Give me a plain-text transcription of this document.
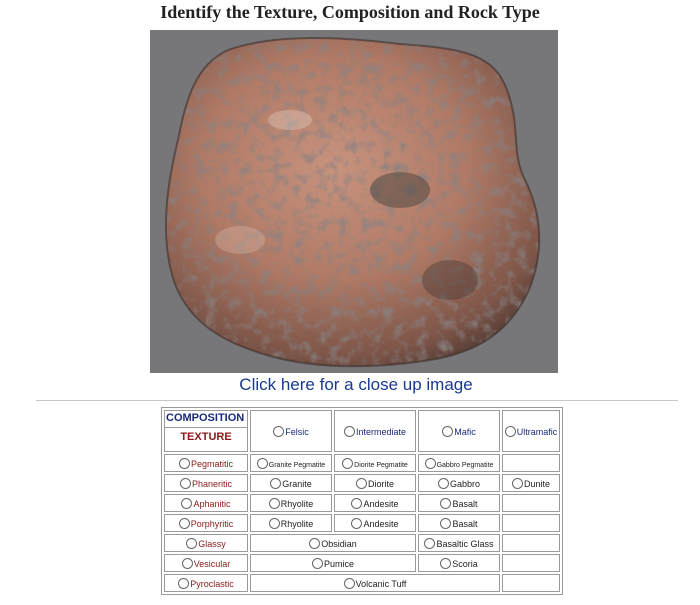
Identify the Texture, Composition and Rock Type
Click here for a close up image
COMPOSITION
TEXTURE	Felsic	Intermediate	Mafic	Ultramafic
Pegmatitic	Granite Pegmatite	Diorite Pegmatite	Gabbro Pegmatite	
Phaneritic	Granite	Diorite	Gabbro	Dunite
Aphanitic	Rhyolite	Andesite	Basalt	
Porphyritic	Rhyolite	Andesite	Basalt	
Glassy	Obsidian		Basaltic Glass	
Vesicular	Pumice		Scoria	
Pyroclastic	Volcanic Tuff			
